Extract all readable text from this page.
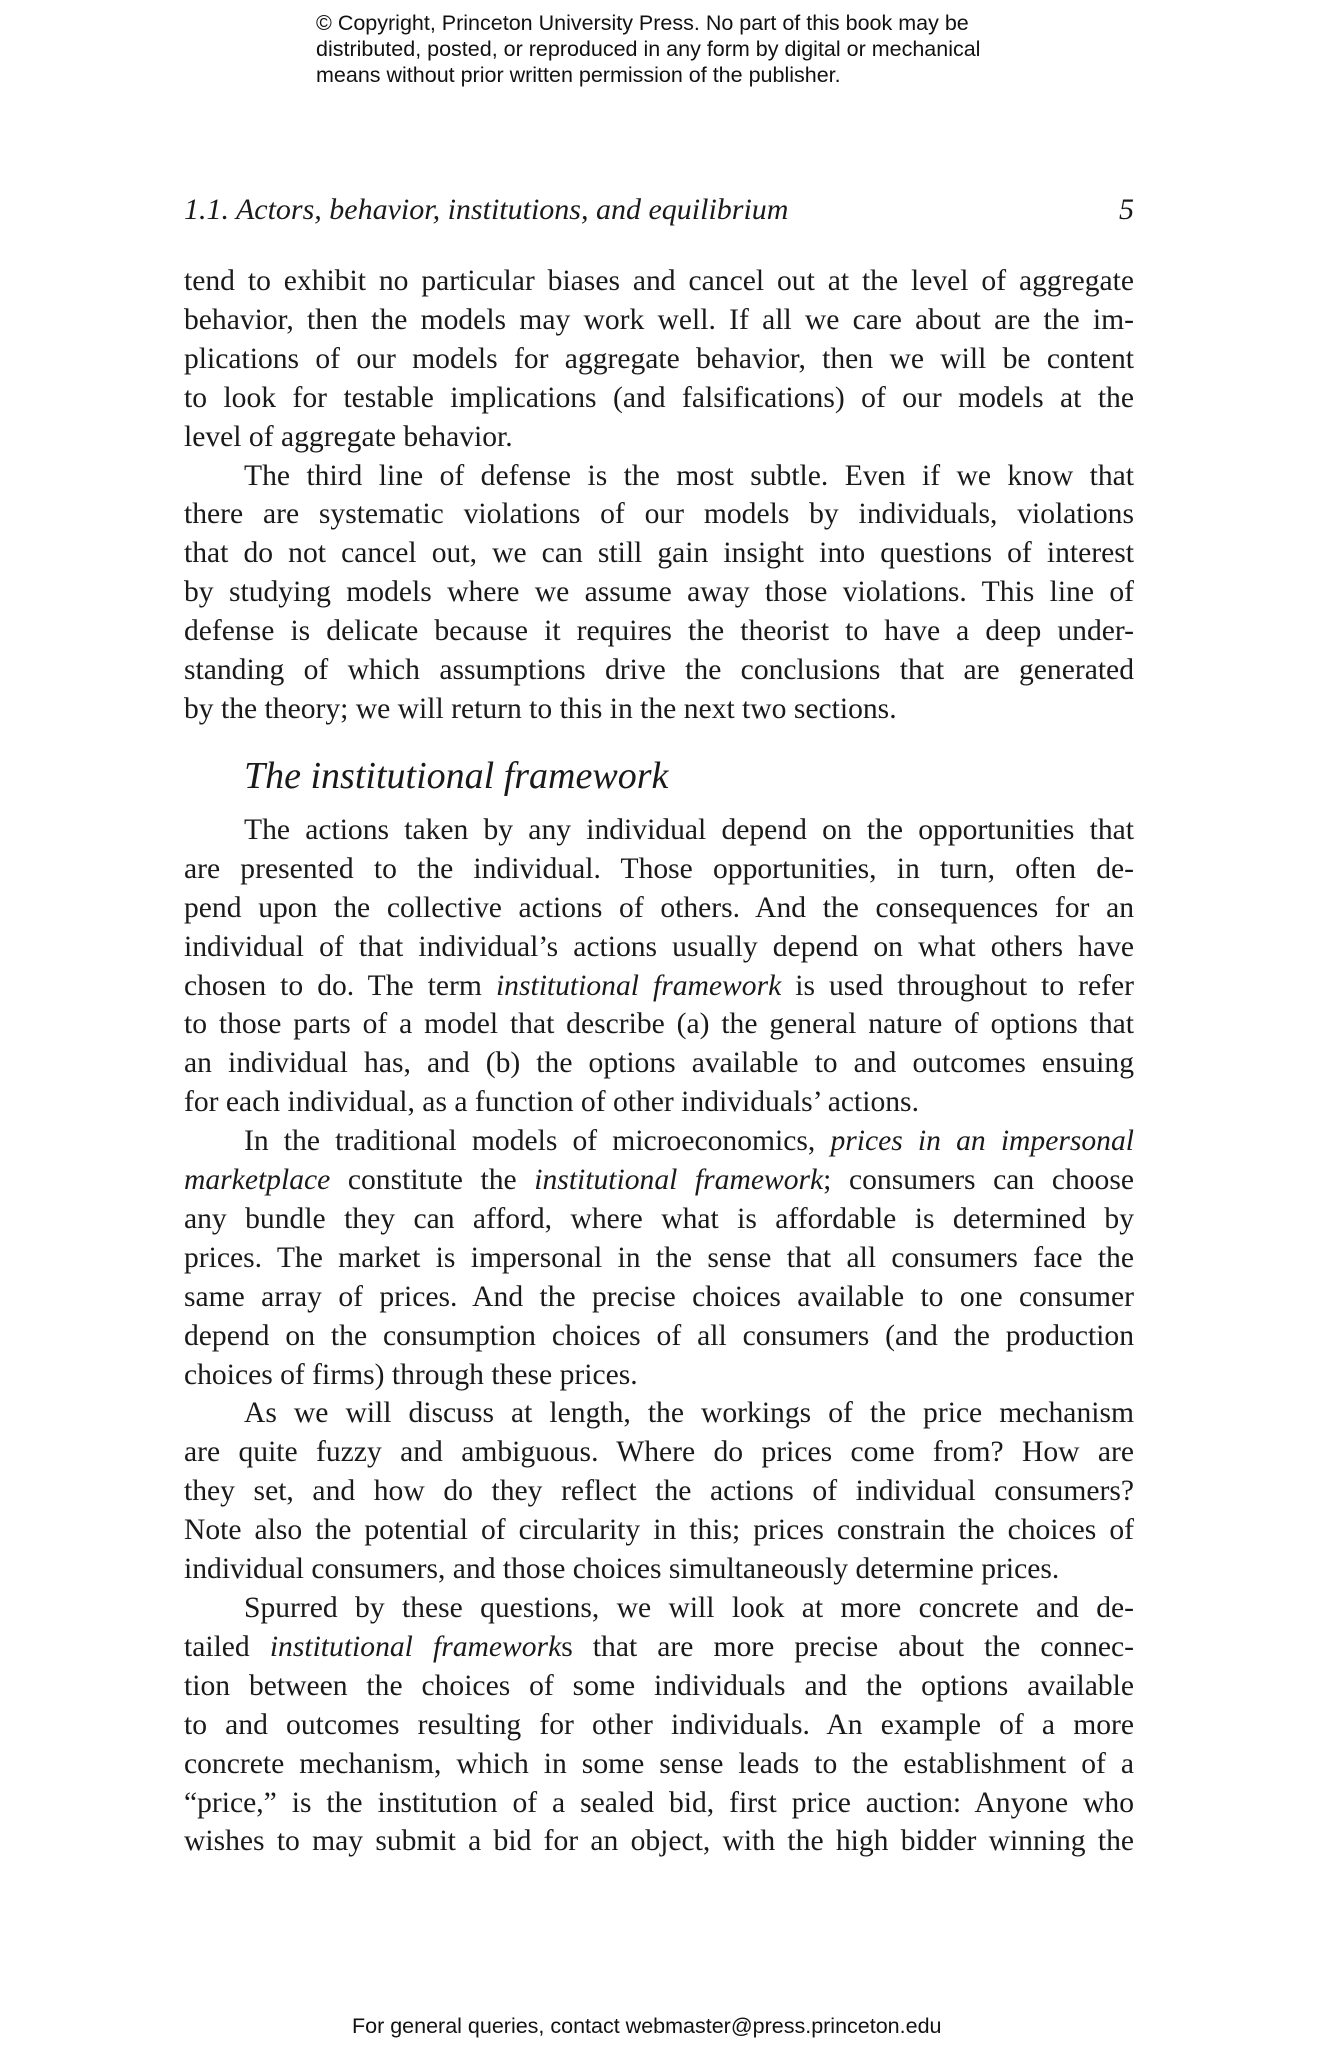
© Copyright, Princeton University Press. No part of this book may be
distributed, posted, or reproduced in any form by digital or mechanical
means without prior written permission of the publisher.
1.1. Actors, behavior, institutions, and equilibrium	5
tend to exhibit no particular biases and cancel out at the level of aggregate
behavior, then the models may work well. If all we care about are the im-
plications of our models for aggregate behavior, then we will be content
to look for testable implications (and falsifications) of our models at the
level of aggregate behavior.
The third line of defense is the most subtle. Even if we know that
there are systematic violations of our models by individuals, violations
that do not cancel out, we can still gain insight into questions of interest
by studying models where we assume away those violations. This line of
defense is delicate because it requires the theorist to have a deep under-
standing of which assumptions drive the conclusions that are generated
by the theory; we will return to this in the next two sections.
The institutional framework
The actions taken by any individual depend on the opportunities that
are presented to the individual. Those opportunities, in turn, often de-
pend upon the collective actions of others. And the consequences for an
individual of that individual’s actions usually depend on what others have
chosen to do. The term institutional framework is used throughout to refer
to those parts of a model that describe (a) the general nature of options that
an individual has, and (b) the options available to and outcomes ensuing
for each individual, as a function of other individuals’ actions.
In the traditional models of microeconomics, prices in an impersonal
marketplace constitute the institutional framework; consumers can choose
any bundle they can afford, where what is affordable is determined by
prices. The market is impersonal in the sense that all consumers face the
same array of prices. And the precise choices available to one consumer
depend on the consumption choices of all consumers (and the production
choices of firms) through these prices.
As we will discuss at length, the workings of the price mechanism
are quite fuzzy and ambiguous. Where do prices come from? How are
they set, and how do they reflect the actions of individual consumers?
Note also the potential of circularity in this; prices constrain the choices of
individual consumers, and those choices simultaneously determine prices.
Spurred by these questions, we will look at more concrete and de-
tailed institutional frameworks that are more precise about the connec-
tion between the choices of some individuals and the options available
to and outcomes resulting for other individuals. An example of a more
concrete mechanism, which in some sense leads to the establishment of a
“price,” is the institution of a sealed bid, first price auction: Anyone who
wishes to may submit a bid for an object, with the high bidder winning the
For general queries, contact webmaster@press.princeton.edu
